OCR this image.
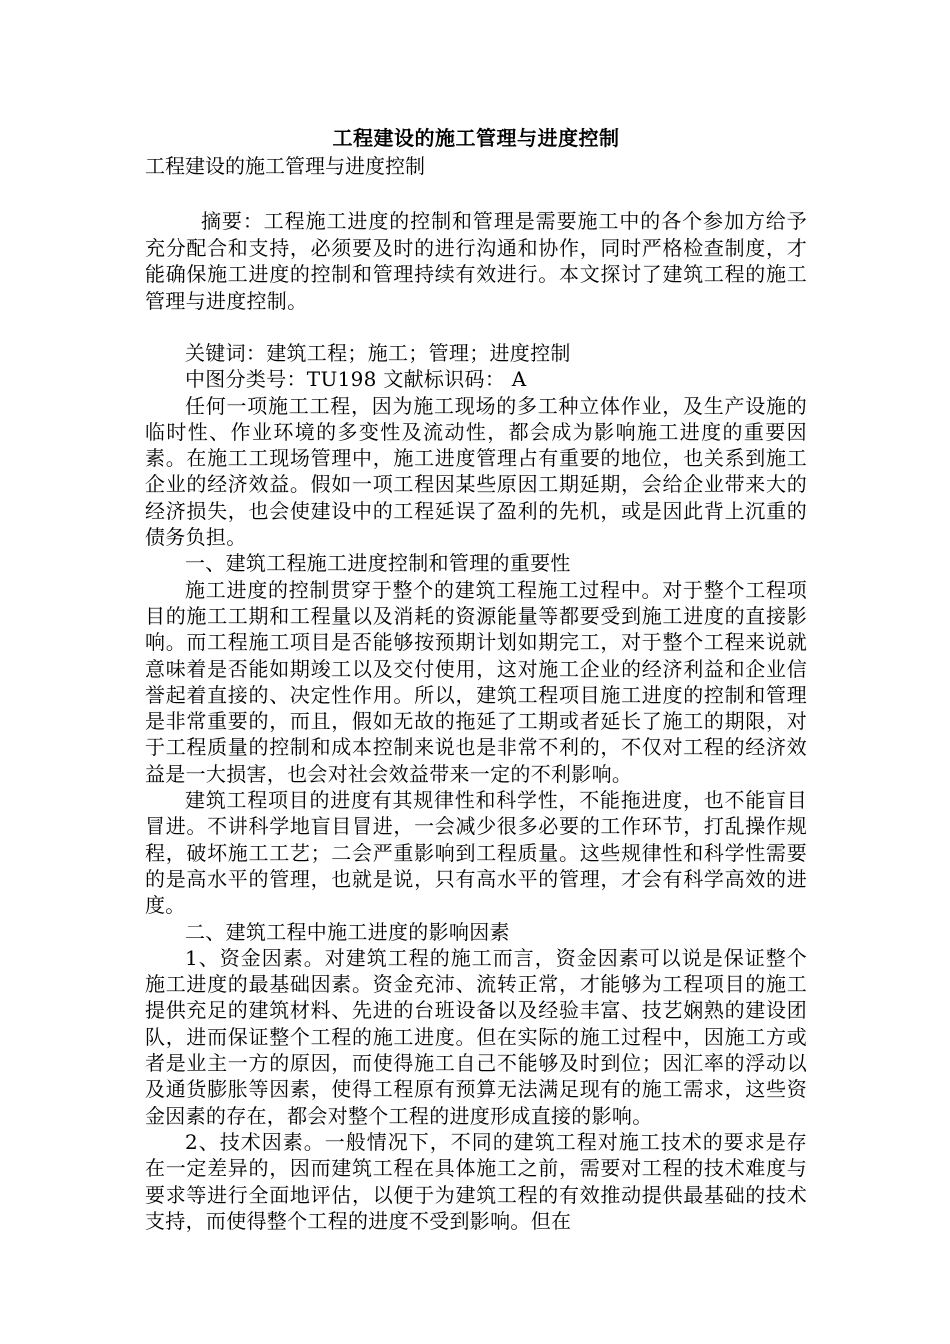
工程建设的施工管理与进度控制

工程建设的施工管理与进度控制

摘要：工程施工进度的控制和管理是需要施工中的各个参加方给予充分配合和支持，必须要及时的进行沟通和协作，同时严格检查制度，才能确保施工进度的控制和管理持续有效进行。本文探讨了建筑工程的施工管理与进度控制。

关键词：建筑工程；施工；管理；进度控制

中图分类号：TU198 文献标识码： A

任何一项施工工程，因为施工现场的多工种立体作业，及生产设施的临时性、作业环境的多变性及流动性，都会成为影响施工进度的重要因素。在施工工现场管理中，施工进度管理占有重要的地位，也关系到施工企业的经济效益。假如一项工程因某些原因工期延期，会给企业带来大的经济损失，也会使建设中的工程延误了盈利的先机，或是因此背上沉重的债务负担。

一、建筑工程施工进度控制和管理的重要性

施工进度的控制贯穿于整个的建筑工程施工过程中。对于整个工程项目的施工工期和工程量以及消耗的资源能量等都要受到施工进度的直接影响。而工程施工项目是否能够按预期计划如期完工，对于整个工程来说就意味着是否能如期竣工以及交付使用，这对施工企业的经济利益和企业信誉起着直接的、决定性作用。所以，建筑工程项目施工进度的控制和管理是非常重要的，而且，假如无故的拖延了工期或者延长了施工的期限，对于工程质量的控制和成本控制来说也是非常不利的，不仅对工程的经济效益是一大损害，也会对社会效益带来一定的不利影响。

建筑工程项目的进度有其规律性和科学性，不能拖进度，也不能盲目冒进。不讲科学地盲目冒进，一会减少很多必要的工作环节，打乱操作规程，破坏施工工艺；二会严重影响到工程质量。这些规律性和科学性需要的是高水平的管理，也就是说，只有高水平的管理，才会有科学高效的进度。

二、建筑工程中施工进度的影响因素

1、资金因素。对建筑工程的施工而言，资金因素可以说是保证整个施工进度的最基础因素。资金充沛、流转正常，才能够为工程项目的施工提供充足的建筑材料、先进的台班设备以及经验丰富、技艺娴熟的建设团队，进而保证整个工程的施工进度。但在实际的施工过程中，因施工方或者是业主一方的原因，而使得施工自己不能够及时到位；因汇率的浮动以及通货膨胀等因素，使得工程原有预算无法满足现有的施工需求，这些资金因素的存在，都会对整个工程的进度形成直接的影响。

2、技术因素。一般情况下，不同的建筑工程对施工技术的要求是存在一定差异的，因而建筑工程在具体施工之前，需要对工程的技术难度与要求等进行全面地评估，以便于为建筑工程的有效推动提供最基础的技术支持，而使得整个工程的进度不受到影响。但在
